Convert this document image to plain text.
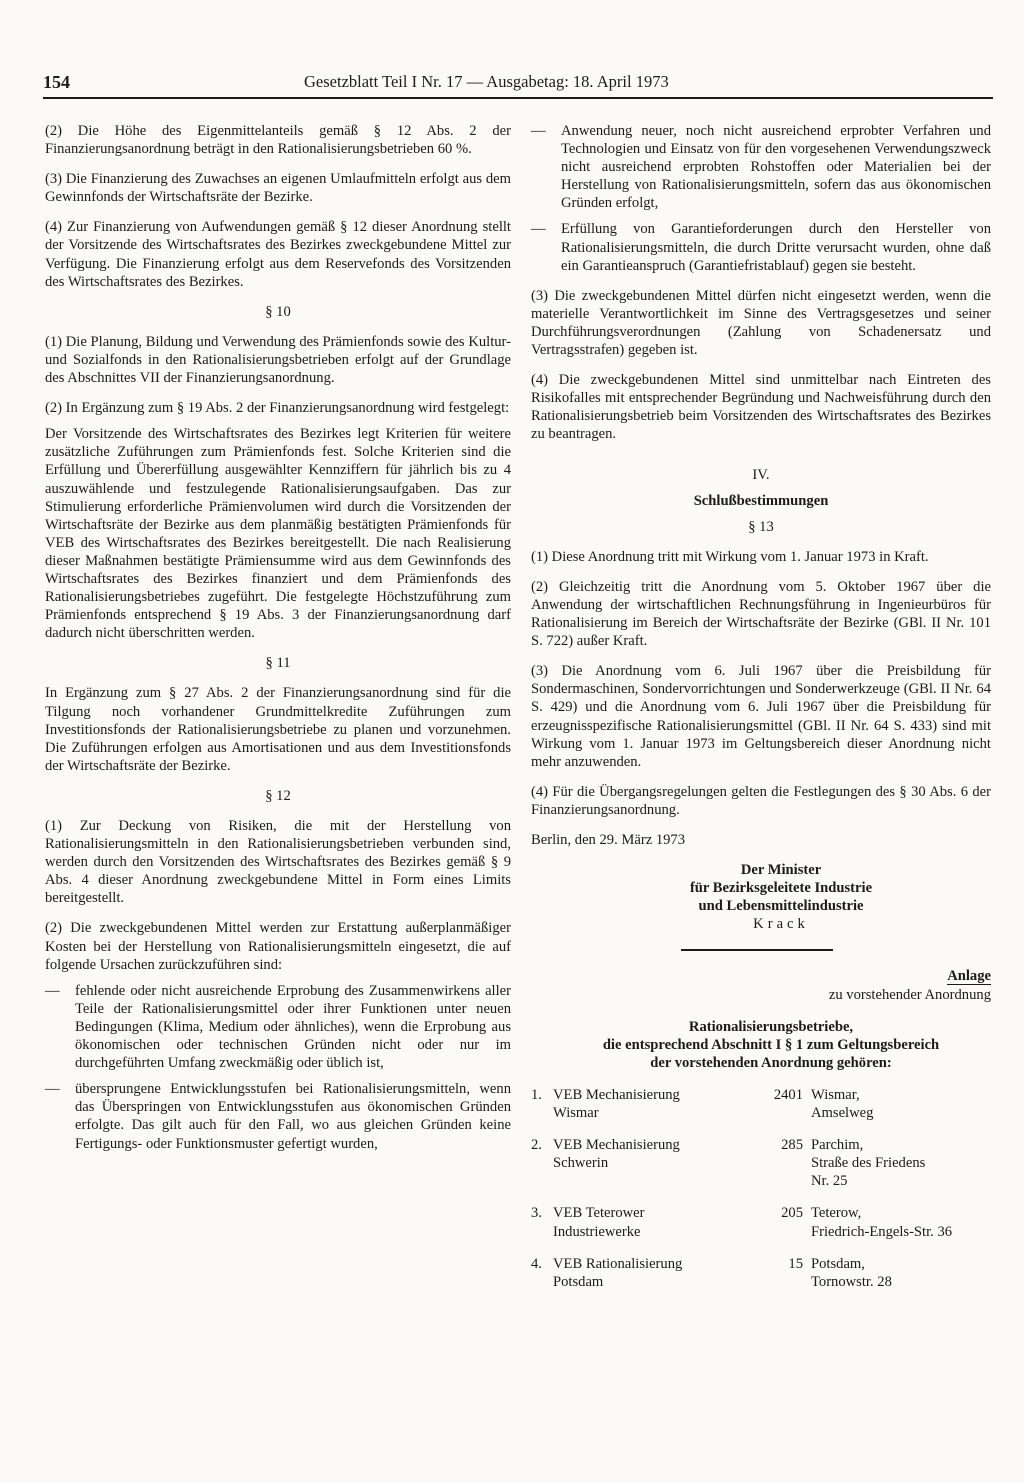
154	Gesetzblatt Teil I Nr. 17 — Ausgabetag: 18. April 1973

(2) Die Höhe des Eigenmittelanteils gemäß § 12 Abs. 2 der Finanzierungsanordnung beträgt in den Rationalisierungsbetrieben 60 %.

(3) Die Finanzierung des Zuwachses an eigenen Umlaufmitteln erfolgt aus dem Gewinnfonds der Wirtschaftsräte der Bezirke.

(4) Zur Finanzierung von Aufwendungen gemäß § 12 dieser Anordnung stellt der Vorsitzende des Wirtschaftsrates des Bezirkes zweckgebundene Mittel zur Verfügung. Die Finanzierung erfolgt aus dem Reservefonds des Vorsitzenden des Wirtschaftsrates des Bezirkes.

§ 10

(1) Die Planung, Bildung und Verwendung des Prämienfonds sowie des Kultur- und Sozialfonds in den Rationalisierungsbetrieben erfolgt auf der Grundlage des Abschnittes VII der Finanzierungsanordnung.

(2) In Ergänzung zum § 19 Abs. 2 der Finanzierungsanordnung wird festgelegt:

Der Vorsitzende des Wirtschaftsrates des Bezirkes legt Kriterien für weitere zusätzliche Zuführungen zum Prämienfonds fest. Solche Kriterien sind die Erfüllung und Übererfüllung ausgewählter Kennziffern für jährlich bis zu 4 auszuwählende und festzulegende Rationalisierungsaufgaben. Das zur Stimulierung erforderliche Prämienvolumen wird durch die Vorsitzenden der Wirtschaftsräte der Bezirke aus dem planmäßig bestätigten Prämienfonds für VEB des Wirtschaftsrates des Bezirkes bereitgestellt. Die nach Realisierung dieser Maßnahmen bestätigte Prämiensumme wird aus dem Gewinnfonds des Wirtschaftsrates des Bezirkes finanziert und dem Prämienfonds des Rationalisierungsbetriebes zugeführt. Die festgelegte Höchstzuführung zum Prämienfonds entsprechend § 19 Abs. 3 der Finanzierungsanordnung darf dadurch nicht überschritten werden.

§ 11

In Ergänzung zum § 27 Abs. 2 der Finanzierungsanordnung sind für die Tilgung noch vorhandener Grundmittelkredite Zuführungen zum Investitionsfonds der Rationalisierungsbetriebe zu planen und vorzunehmen. Die Zuführungen erfolgen aus Amortisationen und aus dem Investitionsfonds der Wirtschaftsräte der Bezirke.

§ 12

(1) Zur Deckung von Risiken, die mit der Herstellung von Rationalisierungsmitteln in den Rationalisierungsbetrieben verbunden sind, werden durch den Vorsitzenden des Wirtschaftsrates des Bezirkes gemäß § 9 Abs. 4 dieser Anordnung zweckgebundene Mittel in Form eines Limits bereitgestellt.

(2) Die zweckgebundenen Mittel werden zur Erstattung außerplanmäßiger Kosten bei der Herstellung von Rationalisierungsmitteln eingesetzt, die auf folgende Ursachen zurückzuführen sind:

—	fehlende oder nicht ausreichende Erprobung des Zusammenwirkens aller Teile der Rationalisierungsmittel oder ihrer Funktionen unter neuen Bedingungen (Klima, Medium oder ähnliches), wenn die Erprobung aus ökonomischen oder technischen Gründen nicht oder nur im durchgeführten Umfang zweckmäßig oder üblich ist,
—	übersprungene Entwicklungsstufen bei Rationalisierungsmitteln, wenn das Überspringen von Entwicklungsstufen aus ökonomischen Gründen erfolgte. Das gilt auch für den Fall, wo aus gleichen Gründen keine Fertigungs- oder Funktionsmuster gefertigt wurden,
—	Anwendung neuer, noch nicht ausreichend erprobter Verfahren und Technologien und Einsatz von für den vorgesehenen Verwendungszweck nicht ausreichend erprobten Rohstoffen oder Materialien bei der Herstellung von Rationalisierungsmitteln, sofern das aus ökonomischen Gründen erfolgt,
—	Erfüllung von Garantieforderungen durch den Hersteller von Rationalisierungsmitteln, die durch Dritte verursacht wurden, ohne daß ein Garantieanspruch (Garantiefristablauf) gegen sie besteht.

(3) Die zweckgebundenen Mittel dürfen nicht eingesetzt werden, wenn die materielle Verantwortlichkeit im Sinne des Vertragsgesetzes und seiner Durchführungsverordnungen (Zahlung von Schadenersatz und Vertragsstrafen) gegeben ist.

(4) Die zweckgebundenen Mittel sind unmittelbar nach Eintreten des Risikofalles mit entsprechender Begründung und Nachweisführung durch den Rationalisierungsbetrieb beim Vorsitzenden des Wirtschaftsrates des Bezirkes zu beantragen.

IV.

Schlußbestimmungen

§ 13

(1) Diese Anordnung tritt mit Wirkung vom 1. Januar 1973 in Kraft.

(2) Gleichzeitig tritt die Anordnung vom 5. Oktober 1967 über die Anwendung der wirtschaftlichen Rechnungsführung in Ingenieurbüros für Rationalisierung im Bereich der Wirtschaftsräte der Bezirke (GBl. II Nr. 101 S. 722) außer Kraft.

(3) Die Anordnung vom 6. Juli 1967 über die Preisbildung für Sondermaschinen, Sondervorrichtungen und Sonderwerkzeuge (GBl. II Nr. 64 S. 429) und die Anordnung vom 6. Juli 1967 über die Preisbildung für erzeugnisspezifische Rationalisierungsmittel (GBl. II Nr. 64 S. 433) sind mit Wirkung vom 1. Januar 1973 im Geltungsbereich dieser Anordnung nicht mehr anzuwenden.

(4) Für die Übergangsregelungen gelten die Festlegungen des § 30 Abs. 6 der Finanzierungsanordnung.

Berlin, den 29. März 1973

Der Minister

für Bezirksgeleitete Industrie

und Lebensmittelindustrie

Krack

Anlage

zu vorstehender Anordnung

Rationalisierungsbetriebe,

die entsprechend Abschnitt I § 1 zum Geltungsbereich

der vorstehenden Anordnung gehören:

1.	VEB Mechanisierung
Wismar	2401	Wismar,
Amselweg
2.	VEB Mechanisierung
Schwerin	285	Parchim,
Straße des Friedens
Nr. 25
3.	VEB Teterower
Industriewerke	205	Teterow,
Friedrich-Engels-Str. 36
4.	VEB Rationalisierung
Potsdam	15	Potsdam,
Tornowstr. 28
